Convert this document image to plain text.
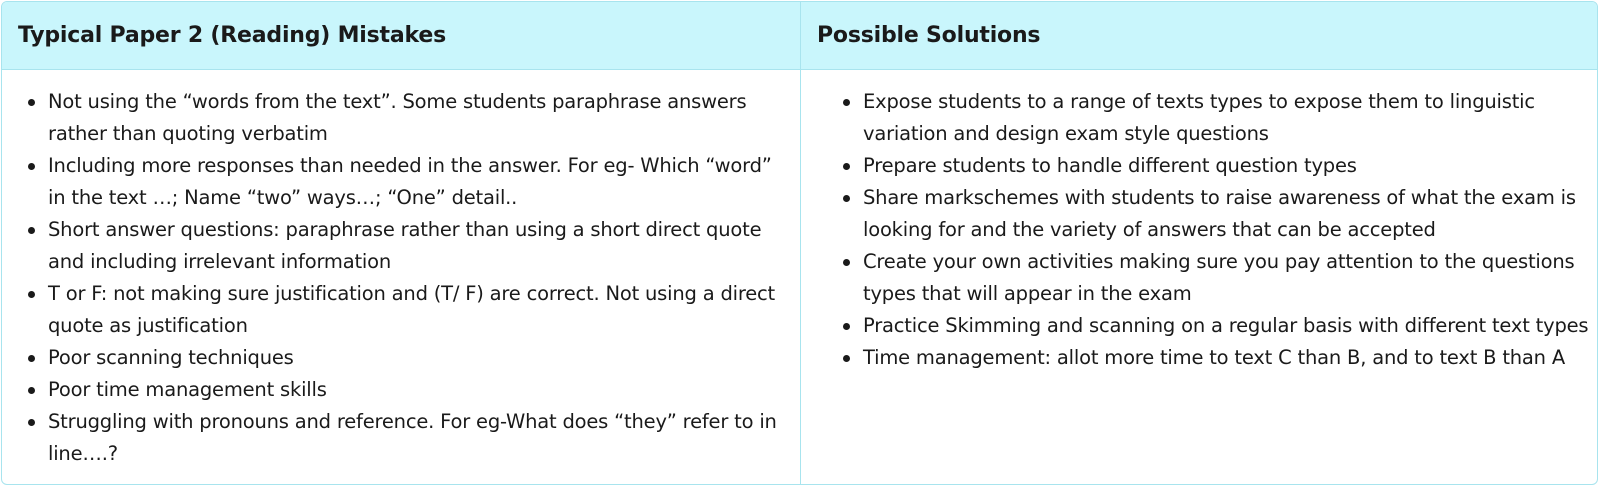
Typical Paper 2 (Reading) Mistakes	Possible Solutions
Not using the “words from the text”. Some students paraphrase answers rather than quoting verbatim
Including more responses than needed in the answer. For eg- Which “word” in the text …; Name “two” ways…; “One” detail..
Short answer questions: paraphrase rather than using a short direct quote and including irrelevant information
T or F: not making sure justification and (T/ F) are correct. Not using a direct quote as justification
Poor scanning techniques
Poor time management skills
Struggling with pronouns and reference. For eg-What does “they” refer to in line….?
Expose students to a range of texts types to expose them to linguistic variation and design exam style questions
Prepare students to handle different question types
Share markschemes with students to raise awareness of what the exam is looking for and the variety of answers that can be accepted
Create your own activities making sure you pay attention to the questions types that will appear in the exam
Practice Skimming and scanning on a regular basis with different text types
Time management: allot more time to text C than B, and to text B than A
